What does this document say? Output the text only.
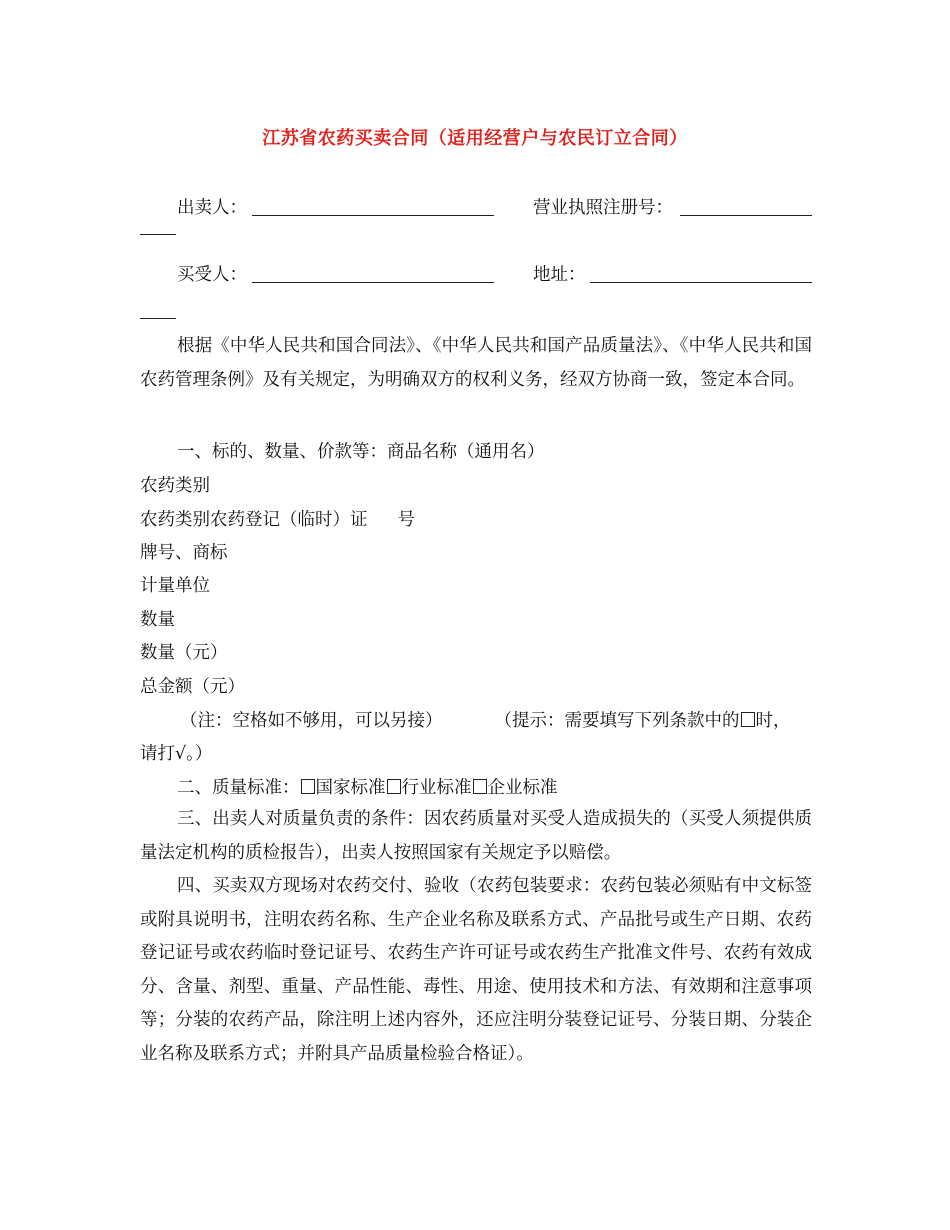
江苏省农药买卖合同（适用经营户与农民订立合同）
出卖人：	营业执照注册号：
买受人：	地址：
根据《中华人民共和国合同法》、《中华人民共和国产品质量法》、《中华人民共和国农药管理条例》及有关规定，为明确双方的权利义务，经双方协商一致，签定本合同。
一、标的、数量、价款等：商品名称（通用名）
农药类别
农药类别农药登记（临时）证 号
牌号、商标
计量单位
数量
数量（元）
总金额（元）
（注：空格如不够用，可以另接）	（提示：需要填写下列条款中的 时，
请打√。）
二、质量标准： 国家标准 行业标准 企业标准
三、出卖人对质量负责的条件：因农药质量对买受人造成损失的（买受人须提供质量法定机构的质检报告），出卖人按照国家有关规定予以赔偿。
四、买卖双方现场对农药交付、验收（农药包装要求：农药包装必须贴有中文标签或附具说明书，注明农药名称、生产企业名称及联系方式、产品批号或生产日期、农药登记证号或农药临时登记证号、农药生产许可证号或农药生产批准文件号、农药有效成分、含量、剂型、重量、产品性能、毒性、用途、使用技术和方法、有效期和注意事项等；分装的农药产品，除注明上述内容外，还应注明分装登记证号、分装日期、分装企业名称及联系方式；并附具产品质量检验合格证）。
